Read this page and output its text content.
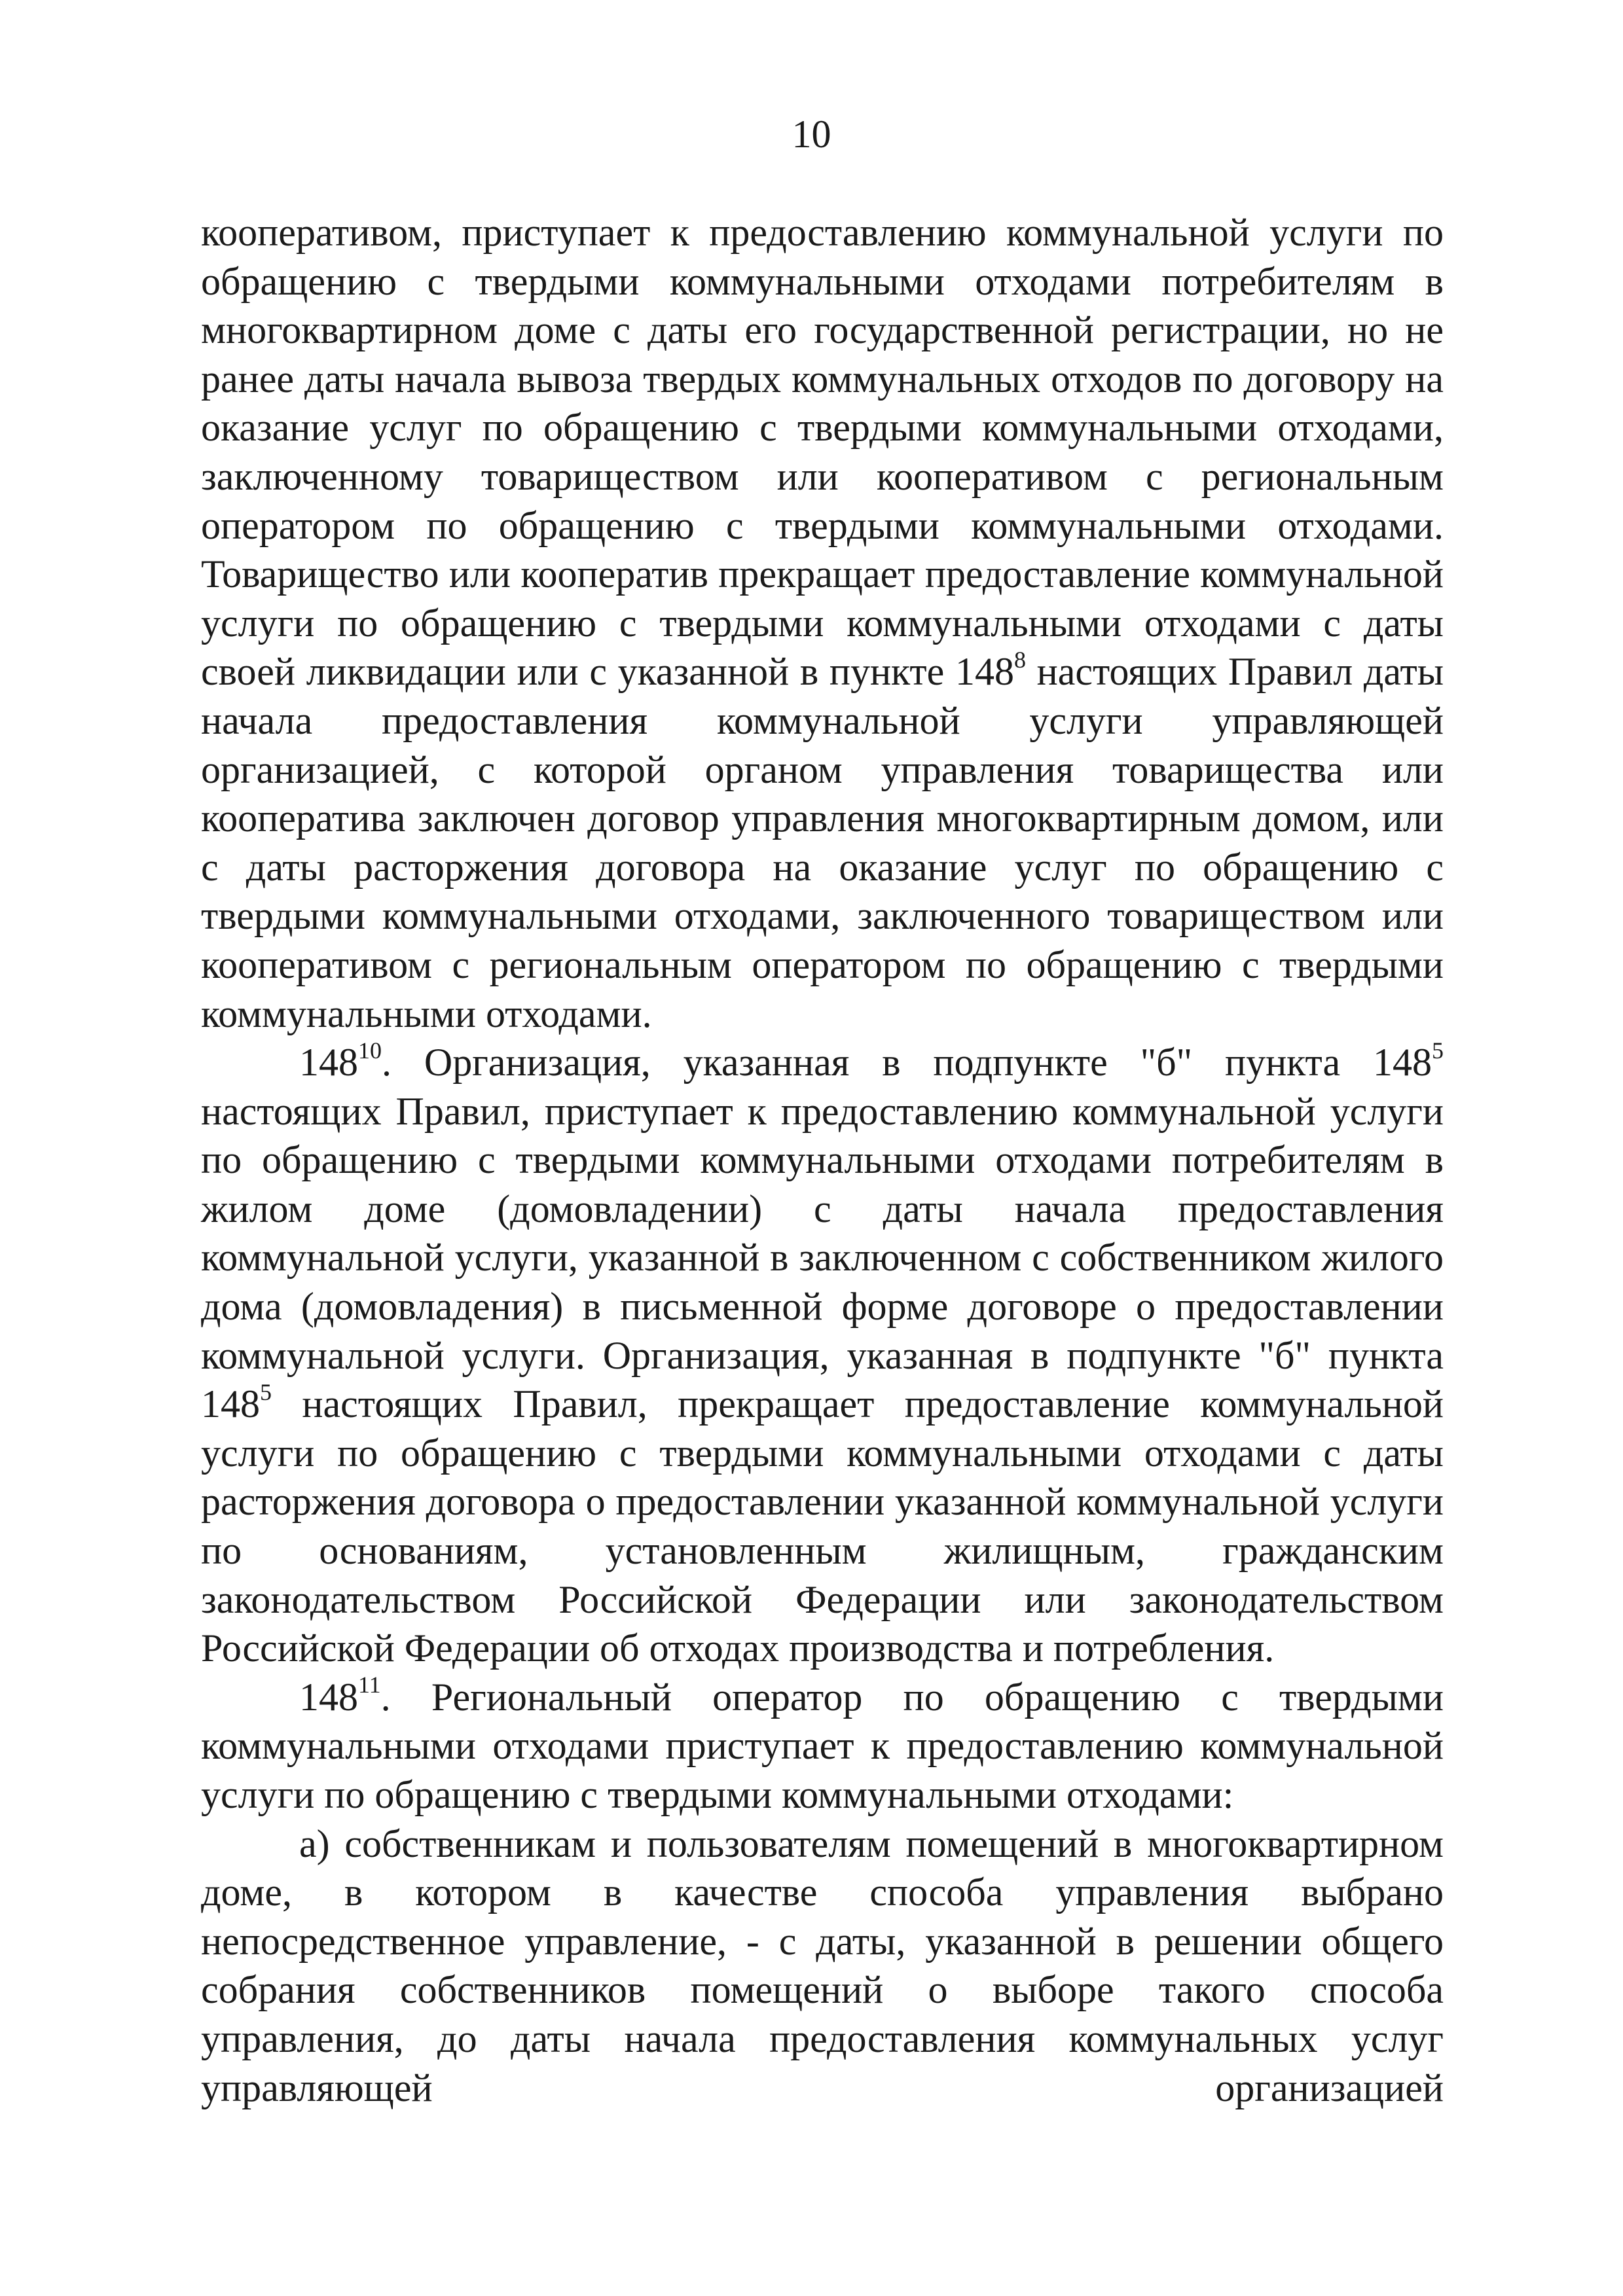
10

кооперативом, приступает к предоставлению коммунальной услуги по обращению с твердыми коммунальными отходами потребителям в многоквартирном доме с даты его государственной регистрации, но не ранее даты начала вывоза твердых коммунальных отходов по договору на оказание услуг по обращению с твердыми коммунальными отходами, заключенному товариществом или кооперативом с региональным оператором по обращению с твердыми коммунальными отходами. Товарищество или кооператив прекращает предоставление коммунальной услуги по обращению с твердыми коммунальными отходами с даты своей ликвидации или с указанной в пункте $148^8$ настоящих Правил даты начала предоставления коммунальной услуги управляющей организацией, с которой органом управления товарищества или кооператива заключен договор управления многоквартирным домом, или с даты расторжения договора на оказание услуг по обращению с твердыми коммунальными отходами, заключенного товариществом или кооперативом с региональным оператором по обращению с твердыми коммунальными отходами.

$148^{10}$. Организация, указанная в подпункте "б" пункта $148^5$ настоящих Правил, приступает к предоставлению коммунальной услуги по обращению с твердыми коммунальными отходами потребителям в жилом доме (домовладении) с даты начала предоставления коммунальной услуги, указанной в заключенном с собственником жилого дома (домовладения) в письменной форме договоре о предоставлении коммунальной услуги. Организация, указанная в подпункте "б" пункта $148^5$ настоящих Правил, прекращает предоставление коммунальной услуги по обращению с твердыми коммунальными отходами с даты расторжения договора о предоставлении указанной коммунальной услуги по основаниям, установленным жилищным, гражданским законодательством Российской Федерации или законодательством Российской Федерации об отходах производства и потребления.

$148^{11}$. Региональный оператор по обращению с твердыми коммунальными отходами приступает к предоставлению коммунальной услуги по обращению с твердыми коммунальными отходами:

а) собственникам и пользователям помещений в многоквартирном доме, в котором в качестве способа управления выбрано непосредственное управление, - с даты, указанной в решении общего собрания собственников помещений о выборе такого способа управления, до даты начала предоставления коммунальных услуг управляющей организацией
